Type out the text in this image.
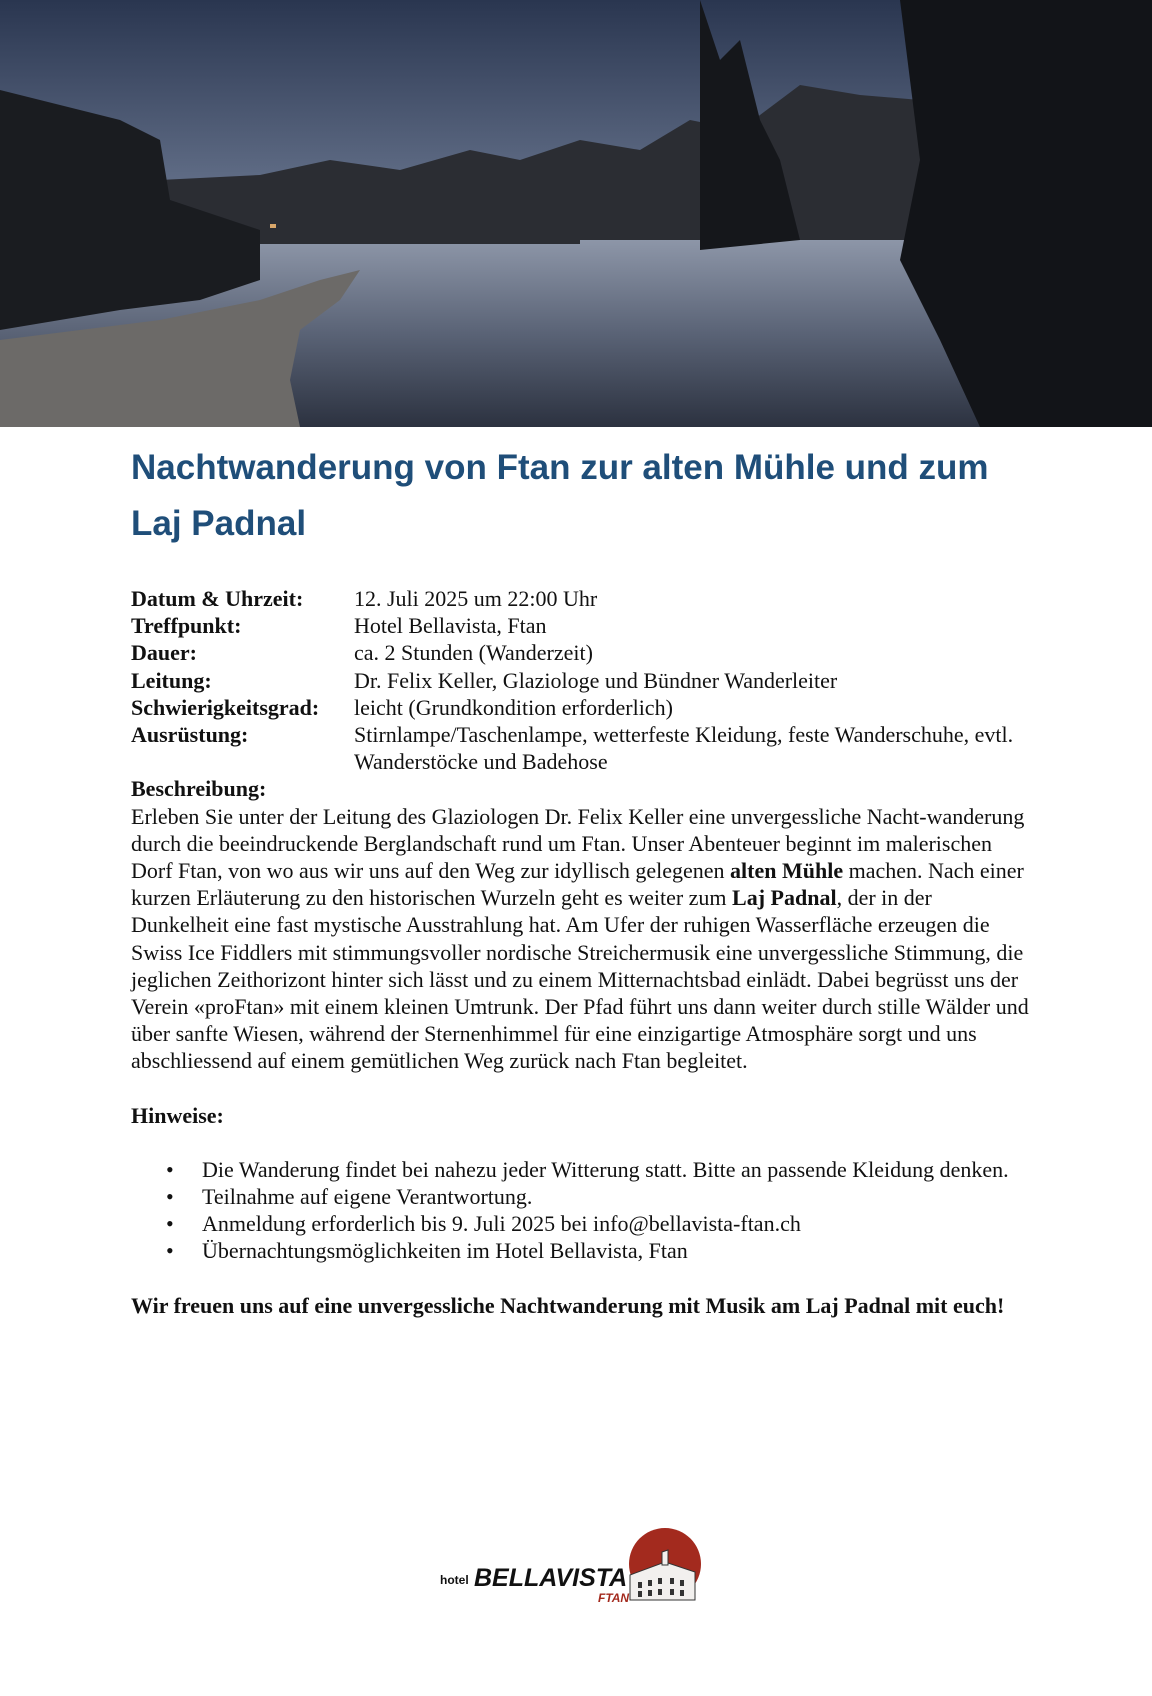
Nachtwanderung von Ftan zur alten Mühle und zum
Laj Padnal
Datum & Uhrzeit:	12. Juli 2025 um 22:00 Uhr
Treffpunkt:	Hotel Bellavista, Ftan
Dauer:	ca. 2 Stunden (Wanderzeit)
Leitung:	Dr. Felix Keller, Glaziologe und Bündner Wanderleiter
Schwierigkeitsgrad:	leicht (Grundkondition erforderlich)
Ausrüstung:	Stirnlampe/Taschenlampe, wetterfeste Kleidung, feste Wanderschuhe, evtl. Wanderstöcke und Badehose
Beschreibung:

Erleben Sie unter der Leitung des Glaziologen Dr. Felix Keller eine unvergessliche Nacht-wanderung durch die beeindruckende Berglandschaft rund um Ftan. Unser Abenteuer beginnt im malerischen Dorf Ftan, von wo aus wir uns auf den Weg zur idyllisch gelegenen alten Mühle machen. Nach einer kurzen Erläuterung zu den historischen Wurzeln geht es weiter zum Laj Padnal, der in der Dunkelheit eine fast mystische Ausstrahlung hat. Am Ufer der ruhigen Wasserfläche erzeugen die Swiss Ice Fiddlers mit stimmungsvoller nordische Streichermusik eine unvergessliche Stimmung, die jeglichen Zeithorizont hinter sich lässt und zu einem Mitternachtsbad einlädt. Dabei begrüsst uns der Verein «proFtan» mit einem kleinen Umtrunk. Der Pfad führt uns dann weiter durch stille Wälder und über sanfte Wiesen, während der Sternenhimmel für eine einzigartige Atmosphäre sorgt und uns abschliessend auf einem gemütlichen Weg zurück nach Ftan begleitet.

Hinweise:
• Die Wanderung findet bei nahezu jeder Witterung statt. Bitte an passende Kleidung denken.
• Teilnahme auf eigene Verantwortung.
• Anmeldung erforderlich bis 9. Juli 2025 bei info@bellavista-ftan.ch
• Übernachtungsmöglichkeiten im Hotel Bellavista, Ftan
Wir freuen uns auf eine unvergessliche Nachtwanderung mit Musik am Laj Padnal mit euch!
hotel BELLAVISTA
FTAN
